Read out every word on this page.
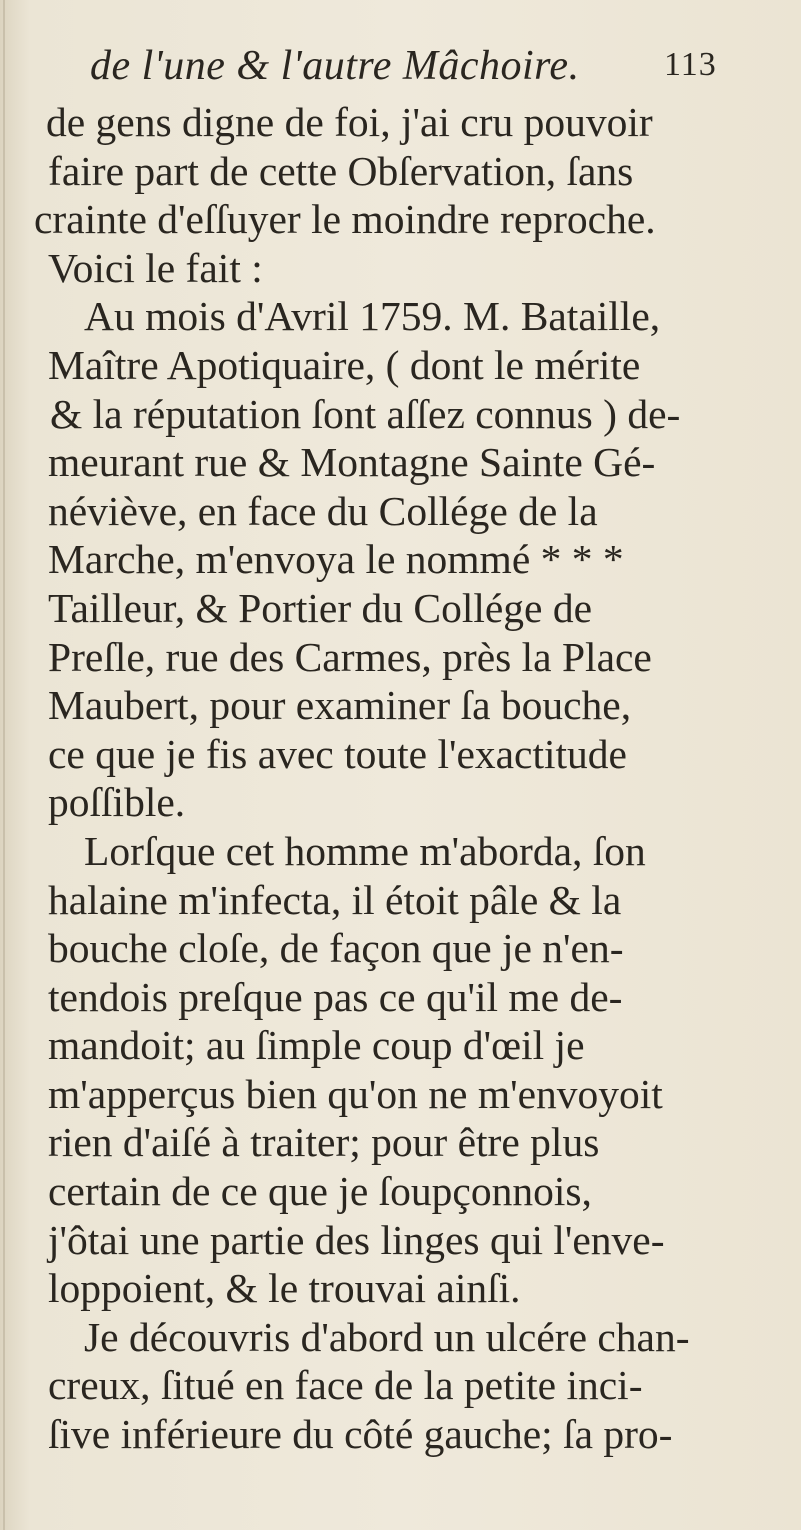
de l'une & l'autre Mâchoire. 113
de gens digne de foi, j'ai cru pouvoir
faire part de cette Obſervation, ſans
crainte d'eſſuyer le moindre reproche.
Voici le fait :
Au mois d'Avril 1759. M. Bataille,
Maître Apotiquaire, ( dont le mérite
& la réputation ſont aſſez connus ) de-
meurant rue & Montagne Sainte Gé-
néviève, en face du Collége de la
Marche, m'envoya le nommé * * *
Tailleur, & Portier du Collége de
Preſle, rue des Carmes, près la Place
Maubert, pour examiner ſa bouche,
ce que je fis avec toute l'exactitude
poſſible.
Lorſque cet homme m'aborda, ſon
halaine m'infecta, il étoit pâle & la
bouche cloſe, de façon que je n'en-
tendois preſque pas ce qu'il me de-
mandoit; au ſimple coup d'œil je
m'apperçus bien qu'on ne m'envoyoit
rien d'aiſé à traiter; pour être plus
certain de ce que je ſoupçonnois,
j'ôtai une partie des linges qui l'enve-
loppoient, & le trouvai ainſi.
Je découvris d'abord un ulcére chan-
creux, ſitué en face de la petite inci-
ſive inférieure du côté gauche; ſa pro-
